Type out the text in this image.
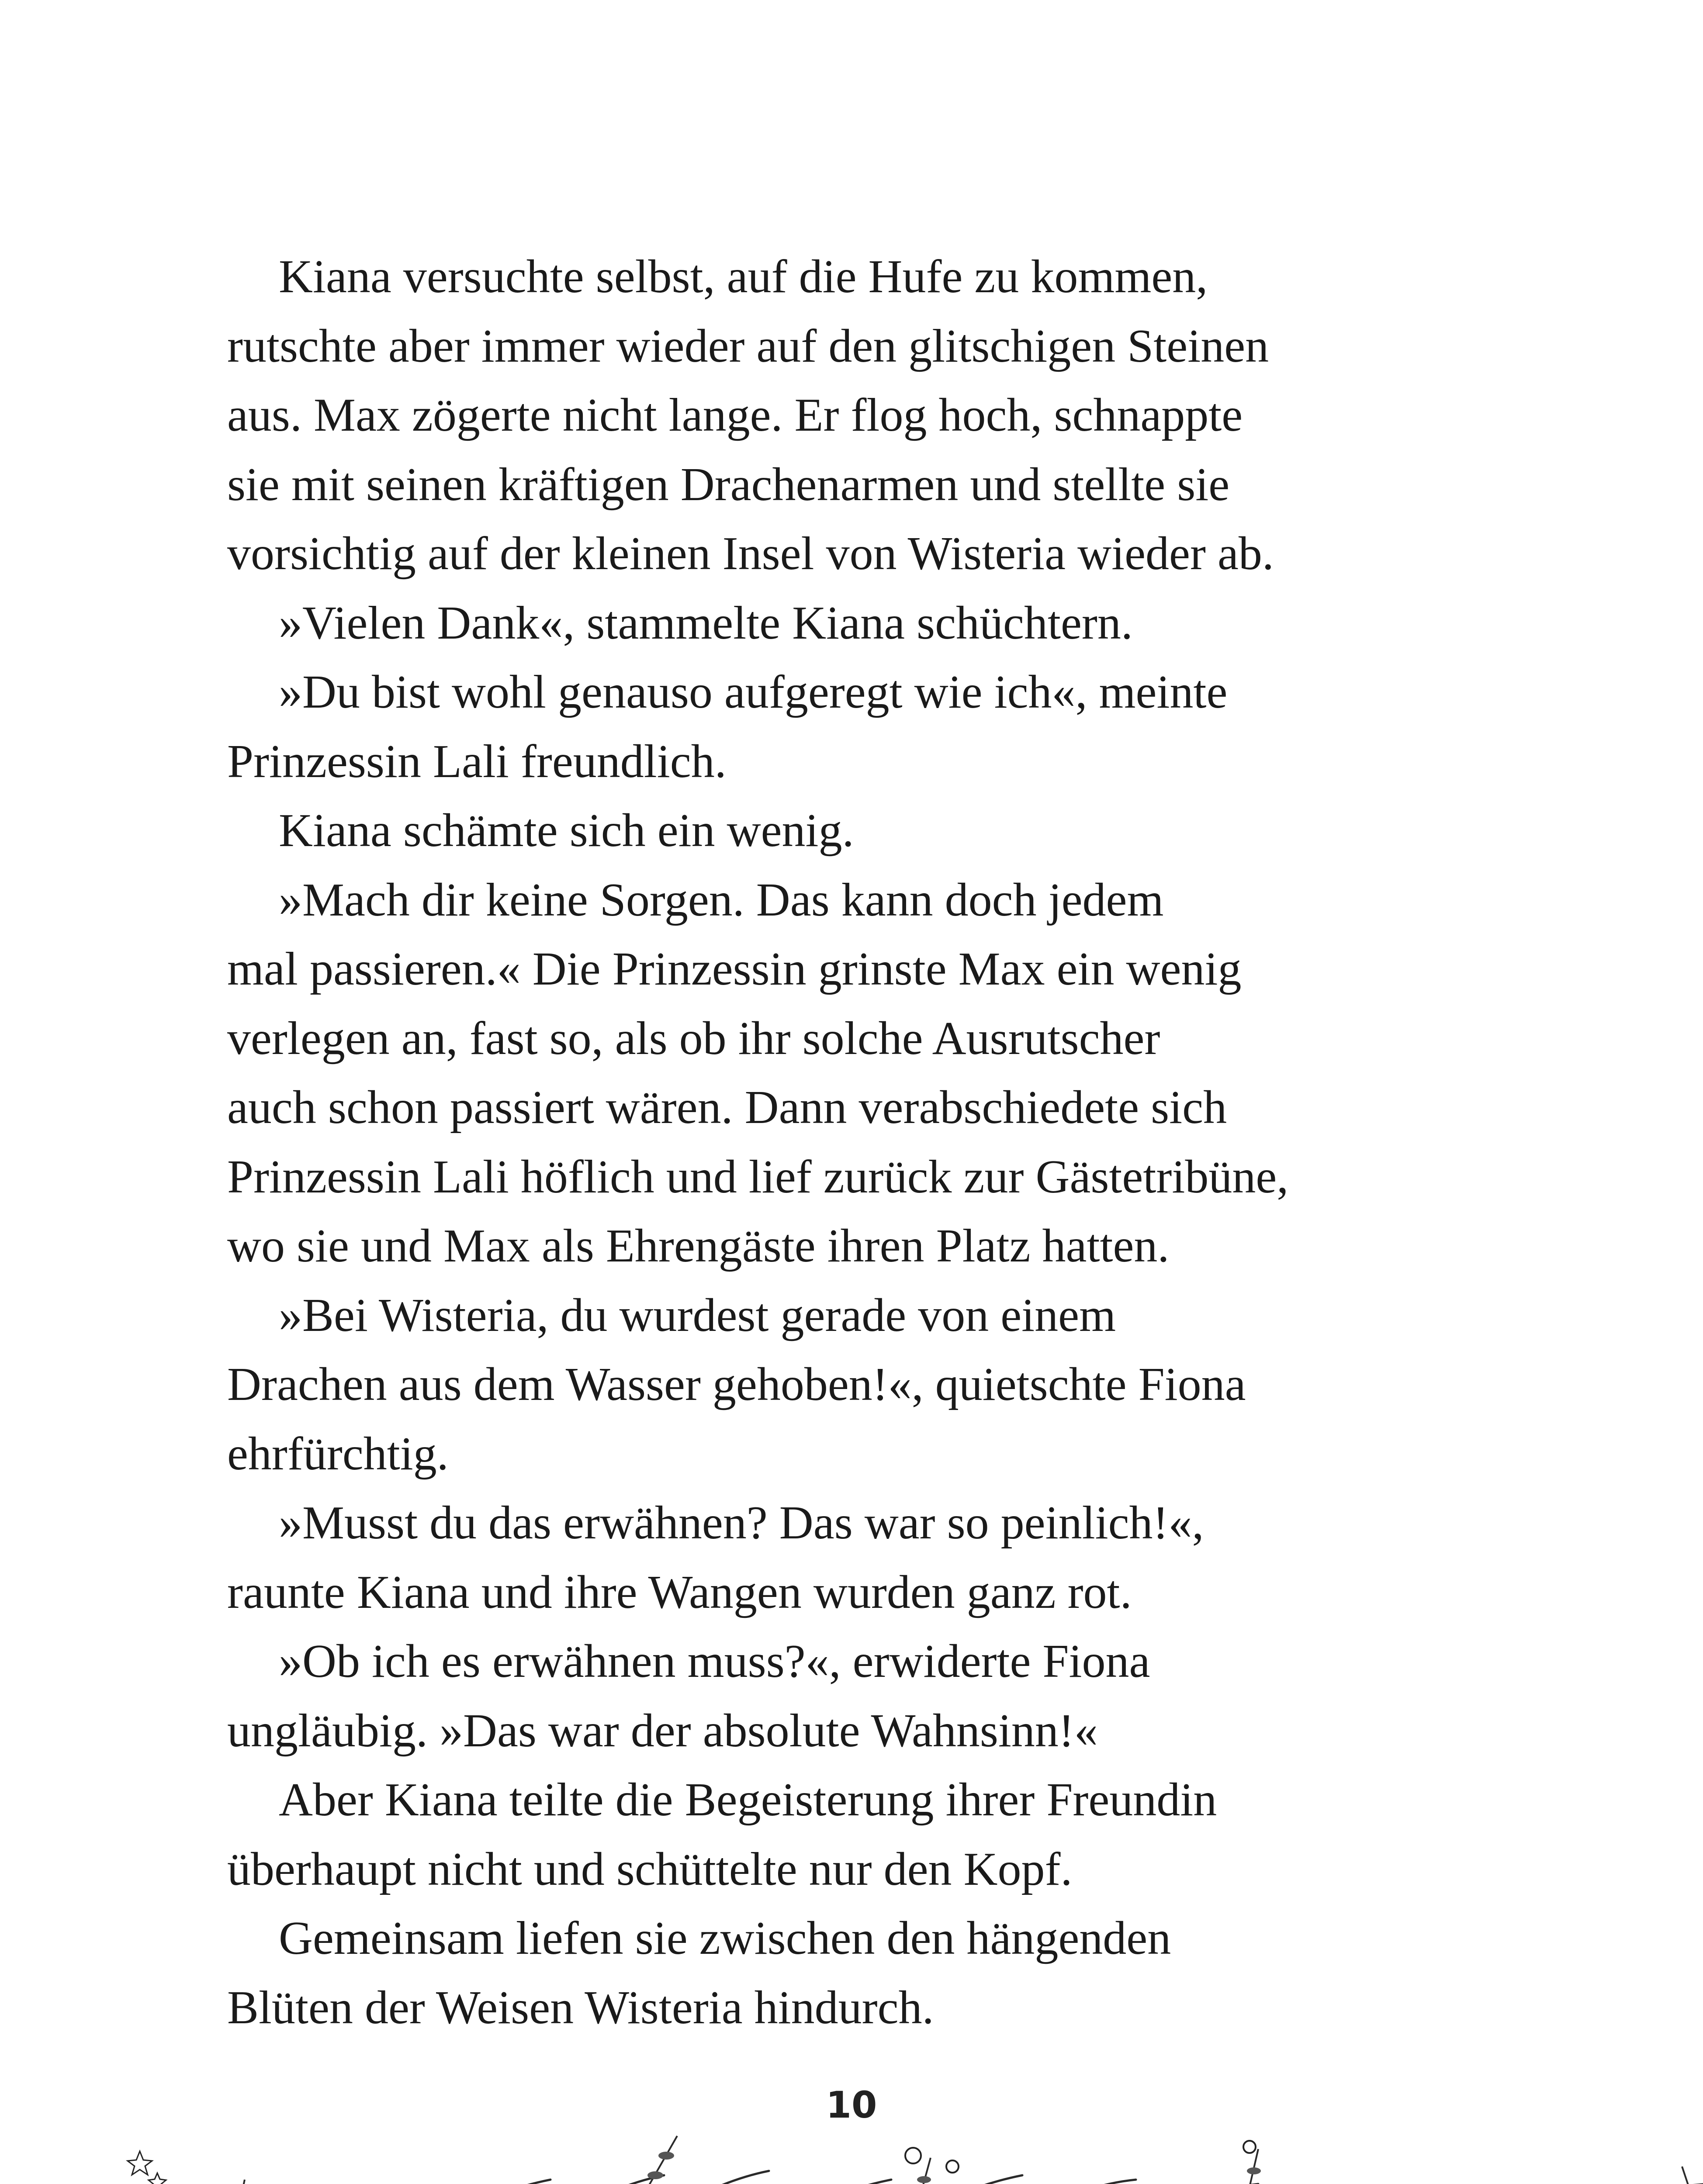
Kiana versuchte selbst, auf die Hufe zu kommen,
rutschte aber immer wieder auf den glitschigen Steinen
aus. Max zögerte nicht lange. Er flog hoch, schnappte
sie mit seinen kräftigen Drachenarmen und stellte sie
vorsichtig auf der kleinen Insel von Wisteria wieder ab.

»Vielen Dank«, stammelte Kiana schüchtern.

»Du bist wohl genauso aufgeregt wie ich«, meinte
Prinzessin Lali freundlich.

Kiana schämte sich ein wenig.

»Mach dir keine Sorgen. Das kann doch jedem
mal passieren.« Die Prinzessin grinste Max ein wenig
verlegen an, fast so, als ob ihr solche Ausrutscher
auch schon passiert wären. Dann verabschiedete sich
Prinzessin Lali höflich und lief zurück zur Gästetribüne,
wo sie und Max als Ehrengäste ihren Platz hatten.

»Bei Wisteria, du wurdest gerade von einem
Drachen aus dem Wasser gehoben!«, quietschte Fiona
ehrfürchtig.

»Musst du das erwähnen? Das war so peinlich!«,
raunte Kiana und ihre Wangen wurden ganz rot.

»Ob ich es erwähnen muss?«, erwiderte Fiona
ungläubig. »Das war der absolute Wahnsinn!«

Aber Kiana teilte die Begeisterung ihrer Freundin
überhaupt nicht und schüttelte nur den Kopf.

Gemeinsam liefen sie zwischen den hängenden
Blüten der Weisen Wisteria hindurch.

10
